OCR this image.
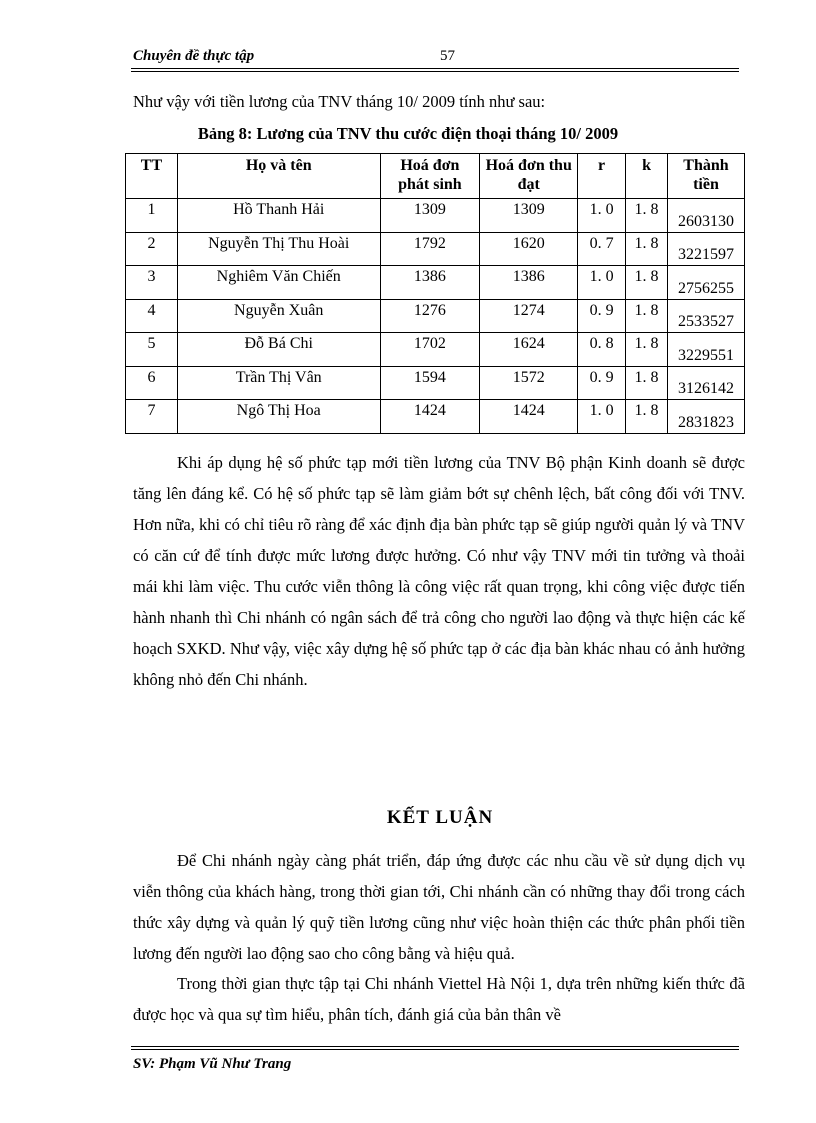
Chuyên đề thực tập	57
Như vậy với tiền lương của TNV tháng 10/ 2009 tính như sau:
Bảng 8: Lương của TNV thu cước điện thoại tháng 10/ 2009
TT	Họ và tên	Hoá đơn phát sinh	Hoá đơn thu đạt	r	k	Thành tiền
1	Hồ Thanh Hải	1309	1309	1. 0	1. 8	2603130
2	Nguyễn Thị Thu Hoài	1792	1620	0. 7	1. 8	3221597
3	Nghiêm Văn Chiến	1386	1386	1. 0	1. 8	2756255
4	Nguyễn Xuân	1276	1274	0. 9	1. 8	2533527
5	Đỗ Bá Chi	1702	1624	0. 8	1. 8	3229551
6	Trần Thị Vân	1594	1572	0. 9	1. 8	3126142
7	Ngô Thị Hoa	1424	1424	1. 0	1. 8	2831823
Khi áp dụng hệ số phức tạp mới tiền lương của TNV Bộ phận Kinh doanh sẽ được tăng lên đáng kể. Có hệ số phức tạp sẽ làm giảm bớt sự chênh lệch, bất công đối với TNV. Hơn nữa, khi có chỉ tiêu rõ ràng để xác định địa bàn phức tạp sẽ giúp người quản lý và TNV có căn cứ để tính được mức lương được hưởng. Có như vậy TNV mới tin tưởng và thoải mái khi làm việc. Thu cước viễn thông là công việc rất quan trọng, khi công việc được tiến hành nhanh thì Chi nhánh có ngân sách để trả công cho người lao động và thực hiện các kế hoạch SXKD. Như vậy, việc xây dựng hệ số phức tạp ở các địa bàn khác nhau có ảnh hưởng không nhỏ đến Chi nhánh.
KẾT LUẬN
Để Chi nhánh ngày càng phát triển, đáp ứng được các nhu cầu về sử dụng dịch vụ viễn thông của khách hàng, trong thời gian tới, Chi nhánh cần có những thay đổi trong cách thức xây dựng và quản lý quỹ tiền lương cũng như việc hoàn thiện các thức phân phối tiền lương đến người lao động sao cho công bằng và hiệu quả.
Trong thời gian thực tập tại Chi nhánh Viettel Hà Nội 1, dựa trên những kiến thức đã được học và qua sự tìm hiểu, phân tích, đánh giá của bản thân về
SV: Phạm Vũ Như Trang
